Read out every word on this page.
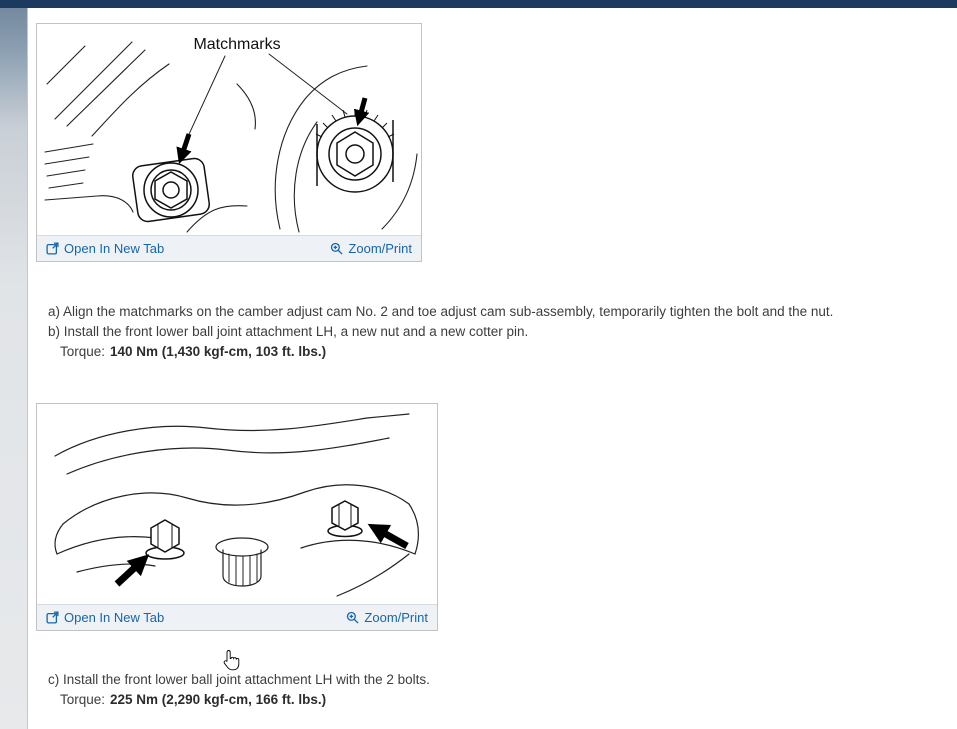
Matchmarks
Open In New Tab	Zoom/Print
a) Align the matchmarks on the camber adjust cam No. 2 and toe adjust cam sub-assembly, temporarily tighten the bolt and the nut.
b) Install the front lower ball joint attachment LH, a new nut and a new cotter pin.
Torque: 140 Nm (1,430 kgf-cm, 103 ft. lbs.)
Open In New Tab	Zoom/Print
c) Install the front lower ball joint attachment LH with the 2 bolts.
Torque: 225 Nm (2,290 kgf-cm, 166 ft. lbs.)
